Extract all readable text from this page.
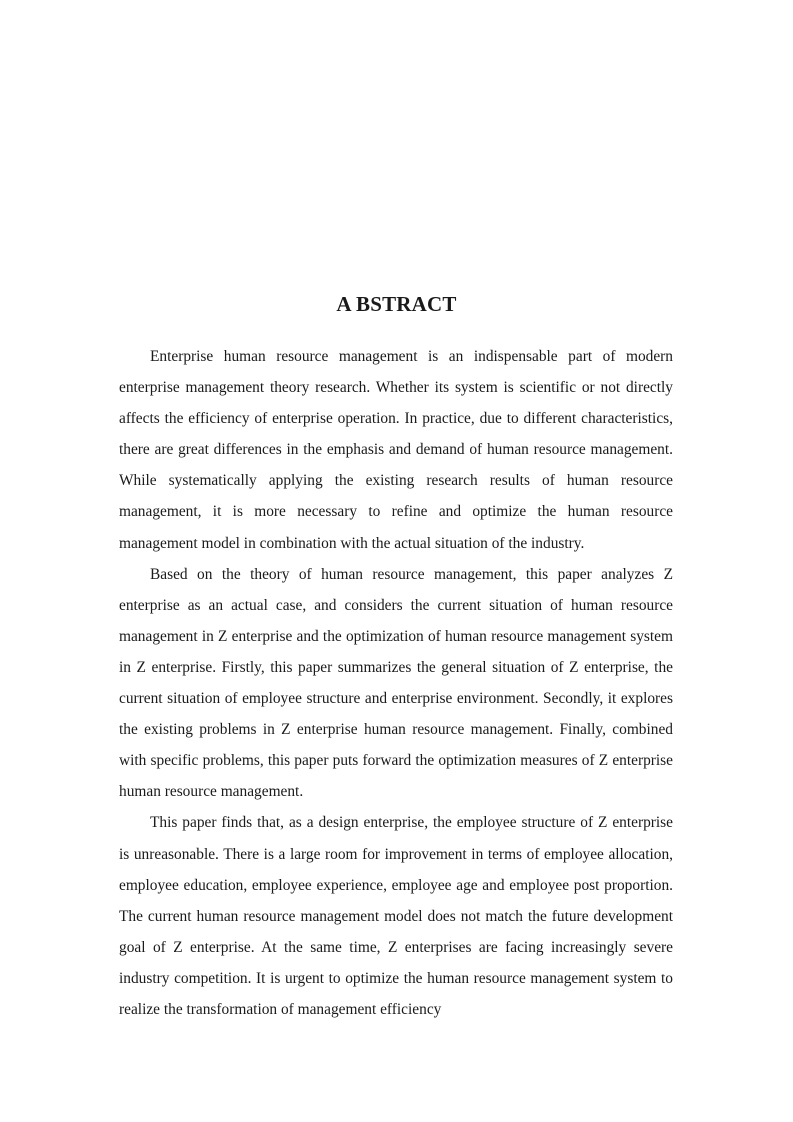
A BSTRACT

Enterprise human resource management is an indispensable part of modern enterprise management theory research. Whether its system is scientific or not directly affects the efficiency of enterprise operation. In practice, due to different characteristics, there are great differences in the emphasis and demand of human resource management. While systematically applying the existing research results of human resource management, it is more necessary to refine and optimize the human resource management model in combination with the actual situation of the industry.

Based on the theory of human resource management, this paper analyzes Z enterprise as an actual case, and considers the current situation of human resource management in Z enterprise and the optimization of human resource management system in Z enterprise. Firstly, this paper summarizes the general situation of Z enterprise, the current situation of employee structure and enterprise environment. Secondly, it explores the existing problems in Z enterprise human resource management. Finally, combined with specific problems, this paper puts forward the optimization measures of Z enterprise human resource management.

This paper finds that, as a design enterprise, the employee structure of Z enterprise is unreasonable. There is a large room for improvement in terms of employee allocation, employee education, employee experience, employee age and employee post proportion. The current human resource management model does not match the future development goal of Z enterprise. At the same time, Z enterprises are facing increasingly severe industry competition. It is urgent to optimize the human resource management system to realize the transformation of management efficiency
